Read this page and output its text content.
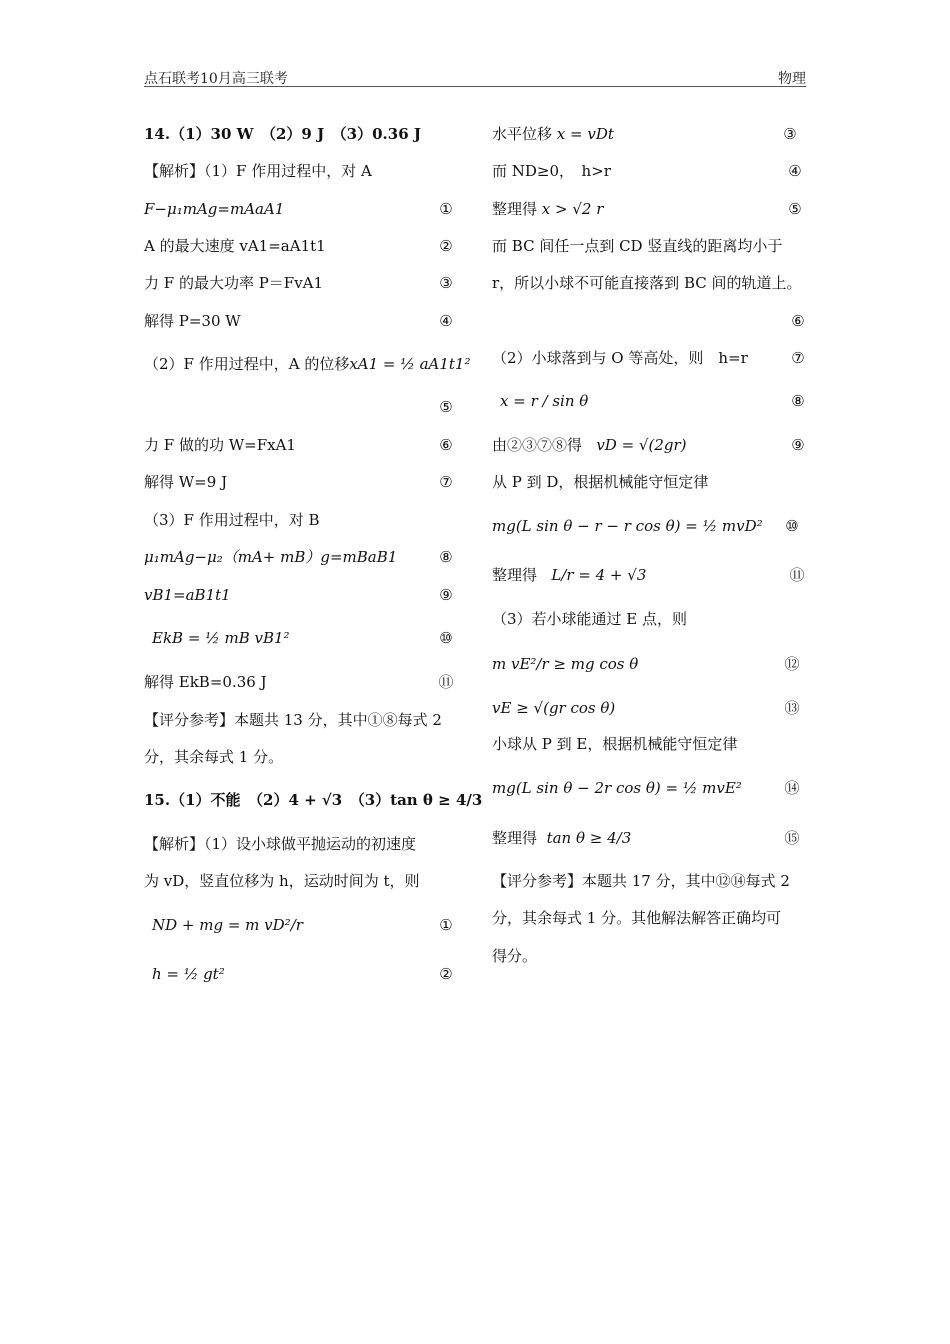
点石联考10月高三联考	物理
14.（1）30 W　（2）9 J　（3）0.36 J
【解析】（1）F 作用过程中，对 A
F−μ₁mAg=mAaA1	①
A 的最大速度 vA1=aA1t1	②
力 F 的最大功率 P＝FvA1	③
解得 P=30 W	④
（2）F 作用过程中，A 的位移xA1 = ½ aA1t1²
⑤
力 F 做的功 W=FxA1	⑥
解得 W=9 J	⑦
（3）F 作用过程中，对 B
μ₁mAg−μ₂（mA+ mB）g=mBaB1	⑧
vB1=aB1t1	⑨
EkB = ½ mB vB1²	⑩
解得 EkB=0.36 J	⑪
【评分参考】本题共 13 分，其中①⑧每式 2
分，其余每式 1 分。
15.（1）不能　（2）4 + √3　（3）tan θ ≥ 4/3
【解析】（1）设小球做平抛运动的初速度
为 vD，竖直位移为 h，运动时间为 t，则
ND + mg = m vD²/r	①
h = ½ gt²	②
水平位移 x = vDt	③
而 ND≥0，　h>r	④
整理得 x > √2 r	⑤
而 BC 间任一点到 CD 竖直线的距离均小于
r，所以小球不可能直接落到 BC 间的轨道上。
⑥
（2）小球落到与 O 等高处，则　h=r	⑦
x = r / sin θ	⑧
由②③⑦⑧得 vD = √(2gr)	⑨
从 P 到 D，根据机械能守恒定律
mg(L sin θ − r − r cos θ) = ½ mvD²	⑩
整理得 L/r = 4 + √3	⑪
（3）若小球能通过 E 点，则
m vE²/r ≥ mg cos θ	⑫
vE ≥ √(gr cos θ)	⑬
小球从 P 到 E，根据机械能守恒定律
mg(L sin θ − 2r cos θ) = ½ mvE²	⑭
整理得 tan θ ≥ 4/3	⑮
【评分参考】本题共 17 分，其中⑫⑭每式 2
分，其余每式 1 分。其他解法解答正确均可
得分。
